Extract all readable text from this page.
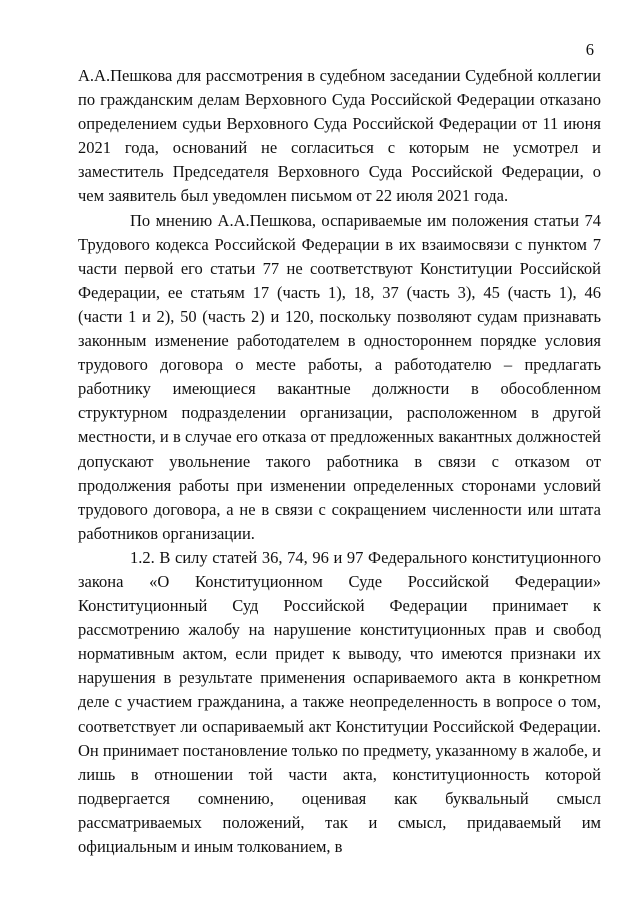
6

А.А.Пешкова для рассмотрения в судебном заседании Судебной коллегии по гражданским делам Верховного Суда Российской Федерации отказано определением судьи Верховного Суда Российской Федерации от 11 июня 2021 года, оснований не согласиться с которым не усмотрел и заместитель Председателя Верховного Суда Российской Федерации, о чем заявитель был уведомлен письмом от 22 июля 2021 года.

По мнению А.А.Пешкова, оспариваемые им положения статьи 74 Трудового кодекса Российской Федерации в их взаимосвязи с пунктом 7 части первой его статьи 77 не соответствуют Конституции Российской Федерации, ее статьям 17 (часть 1), 18, 37 (часть 3), 45 (часть 1), 46 (части 1 и 2), 50 (часть 2) и 120, поскольку позволяют судам признавать законным изменение работодателем в одностороннем порядке условия трудового договора о месте работы, а работодателю – предлагать работнику имеющиеся вакантные должности в обособленном структурном подразделении организации, расположенном в другой местности, и в случае его отказа от предложенных вакантных должностей допускают увольнение такого работника в связи с отказом от продолжения работы при изменении определенных сторонами условий трудового договора, а не в связи с сокращением численности или штата работников организации.

1.2. В силу статей 36, 74, 96 и 97 Федерального конституционного закона «О Конституционном Суде Российской Федерации» Конституционный Суд Российской Федерации принимает к рассмотрению жалобу на нарушение конституционных прав и свобод нормативным актом, если придет к выводу, что имеются признаки их нарушения в результате применения оспариваемого акта в конкретном деле с участием гражданина, а также неопределенность в вопросе о том, соответствует ли оспариваемый акт Конституции Российской Федерации. Он принимает постановление только по предмету, указанному в жалобе, и лишь в отношении той части акта, конституционность которой подвергается сомнению, оценивая как буквальный смысл рассматриваемых положений, так и смысл, придаваемый им официальным и иным толкованием, в
